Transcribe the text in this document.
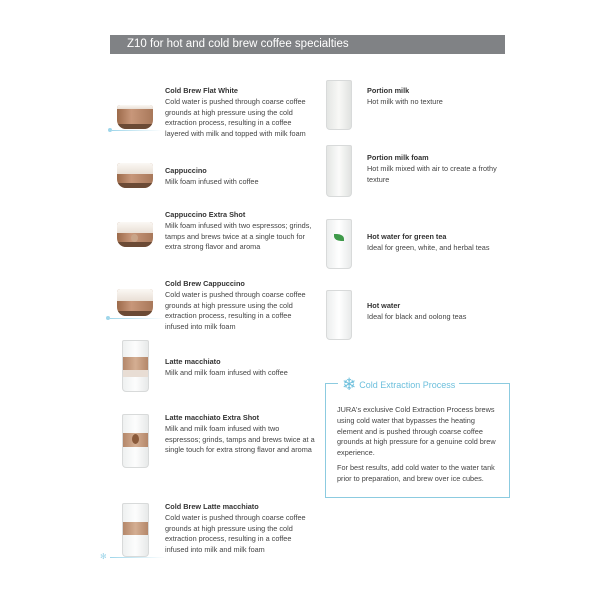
Z10 for hot and cold brew coffee specialties
Cold Brew Flat White
Cold water is pushed through coarse coffee grounds at high pressure using the cold extraction process, resulting in a coffee layered with milk and topped with milk foam
Cappuccino
Milk foam infused with coffee
Cappuccino Extra Shot
Milk foam infused with two espressos; grinds, tamps and brews twice at a single touch for extra strong flavor and aroma
Cold Brew Cappuccino
Cold water is pushed through coarse coffee grounds at high pressure using the cold extraction process, resulting in a coffee infused into milk foam
Latte macchiato
Milk and milk foam infused with coffee
Latte macchiato Extra Shot
Milk and milk foam infused with two espressos; grinds, tamps and brews twice at a single touch for extra strong flavor and aroma
✻
Cold Brew Latte macchiato
Cold water is pushed through coarse coffee grounds at high pressure using the cold extraction process, resulting in a coffee infused into milk and milk foam
Portion milk
Hot milk with no texture
Portion milk foam
Hot milk mixed with air to create a frothy texture
Hot water for green tea
Ideal for green, white, and herbal teas
Hot water
Ideal for black and oolong teas
❄ Cold Extraction Process

JURA's exclusive Cold Extraction Process brews using cold water that bypasses the heating element and is pushed through coarse coffee grounds at high pressure for a genuine cold brew experience.

For best results, add cold water to the water tank prior to preparation, and brew over ice cubes.
